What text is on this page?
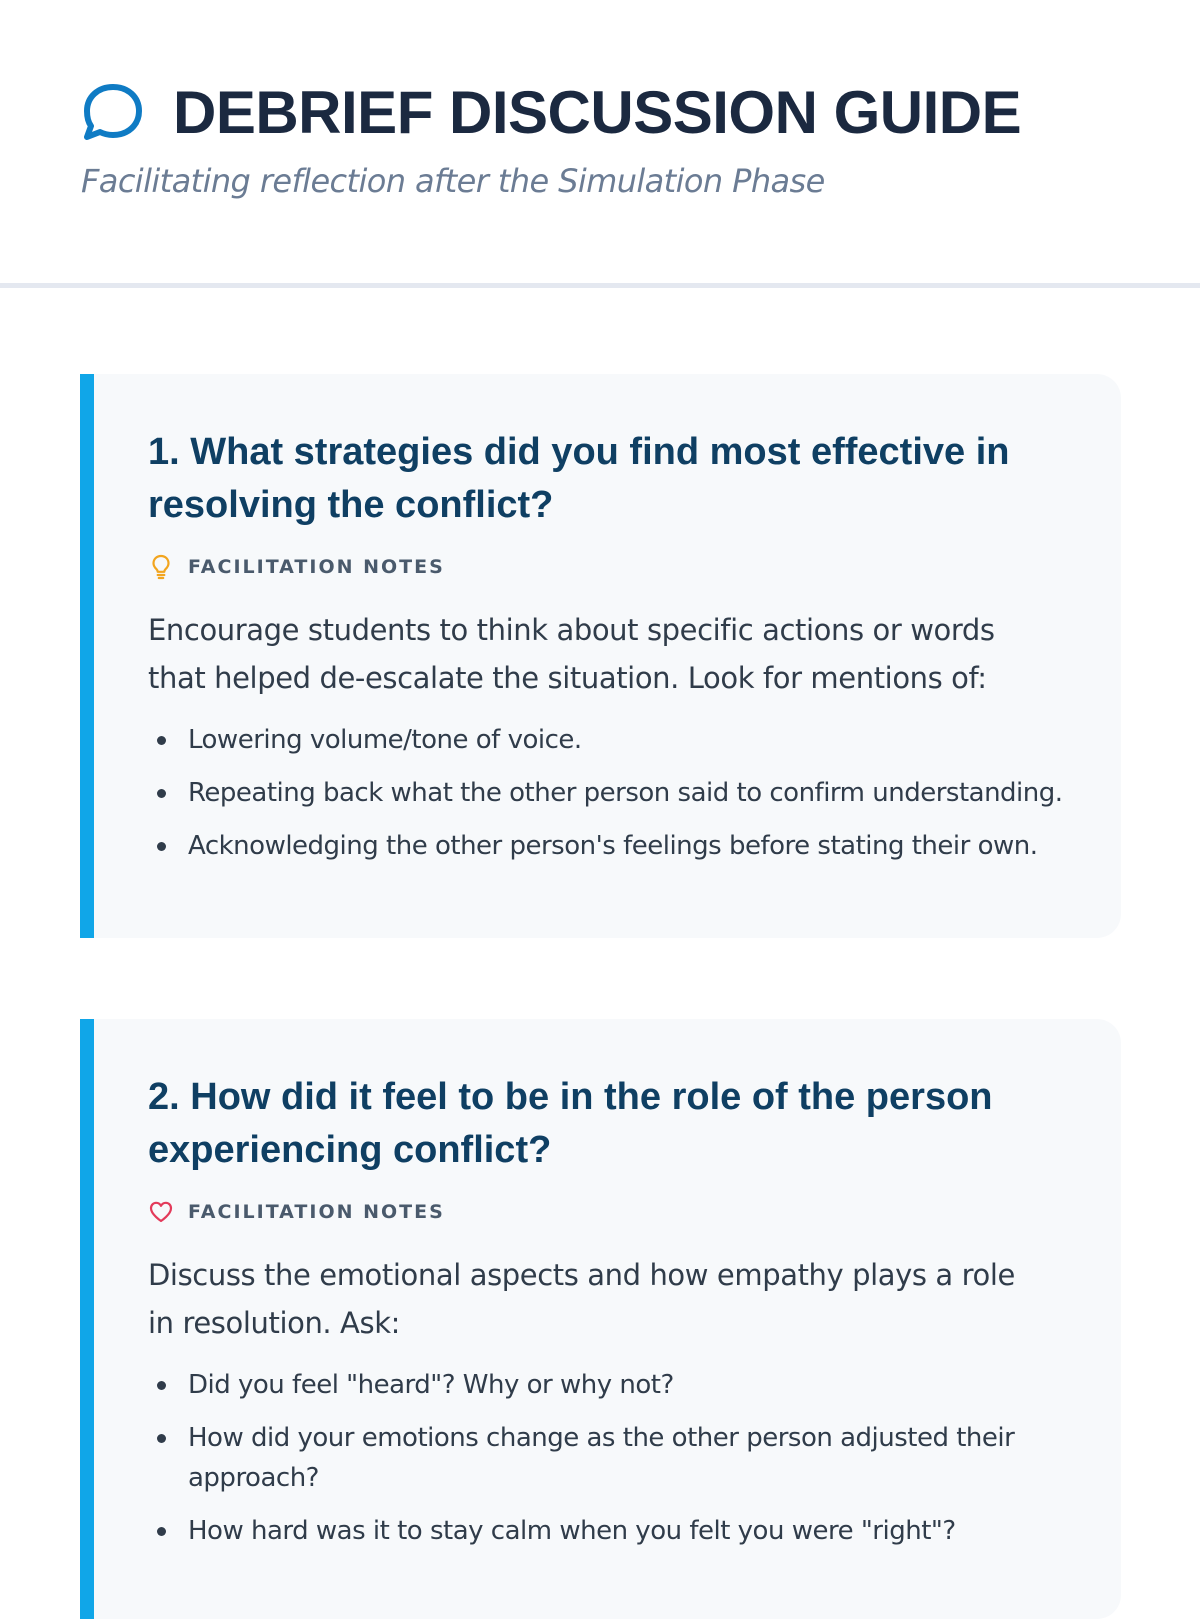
DEBRIEF DISCUSSION GUIDE
Facilitating reflection after the Simulation Phase
1. What strategies did you find most effective in resolving the conflict?
FACILITATION NOTES

Encourage students to think about specific actions or words that helped de-escalate the situation. Look for mentions of:

Lowering volume/tone of voice.
Repeating back what the other person said to confirm understanding.
Acknowledging the other person's feelings before stating their own.
2. How did it feel to be in the role of the person experiencing conflict?
FACILITATION NOTES

Discuss the emotional aspects and how empathy plays a role in resolution. Ask:

Did you feel "heard"? Why or why not?
How did your emotions change as the other person adjusted their approach?
How hard was it to stay calm when you felt you were "right"?
